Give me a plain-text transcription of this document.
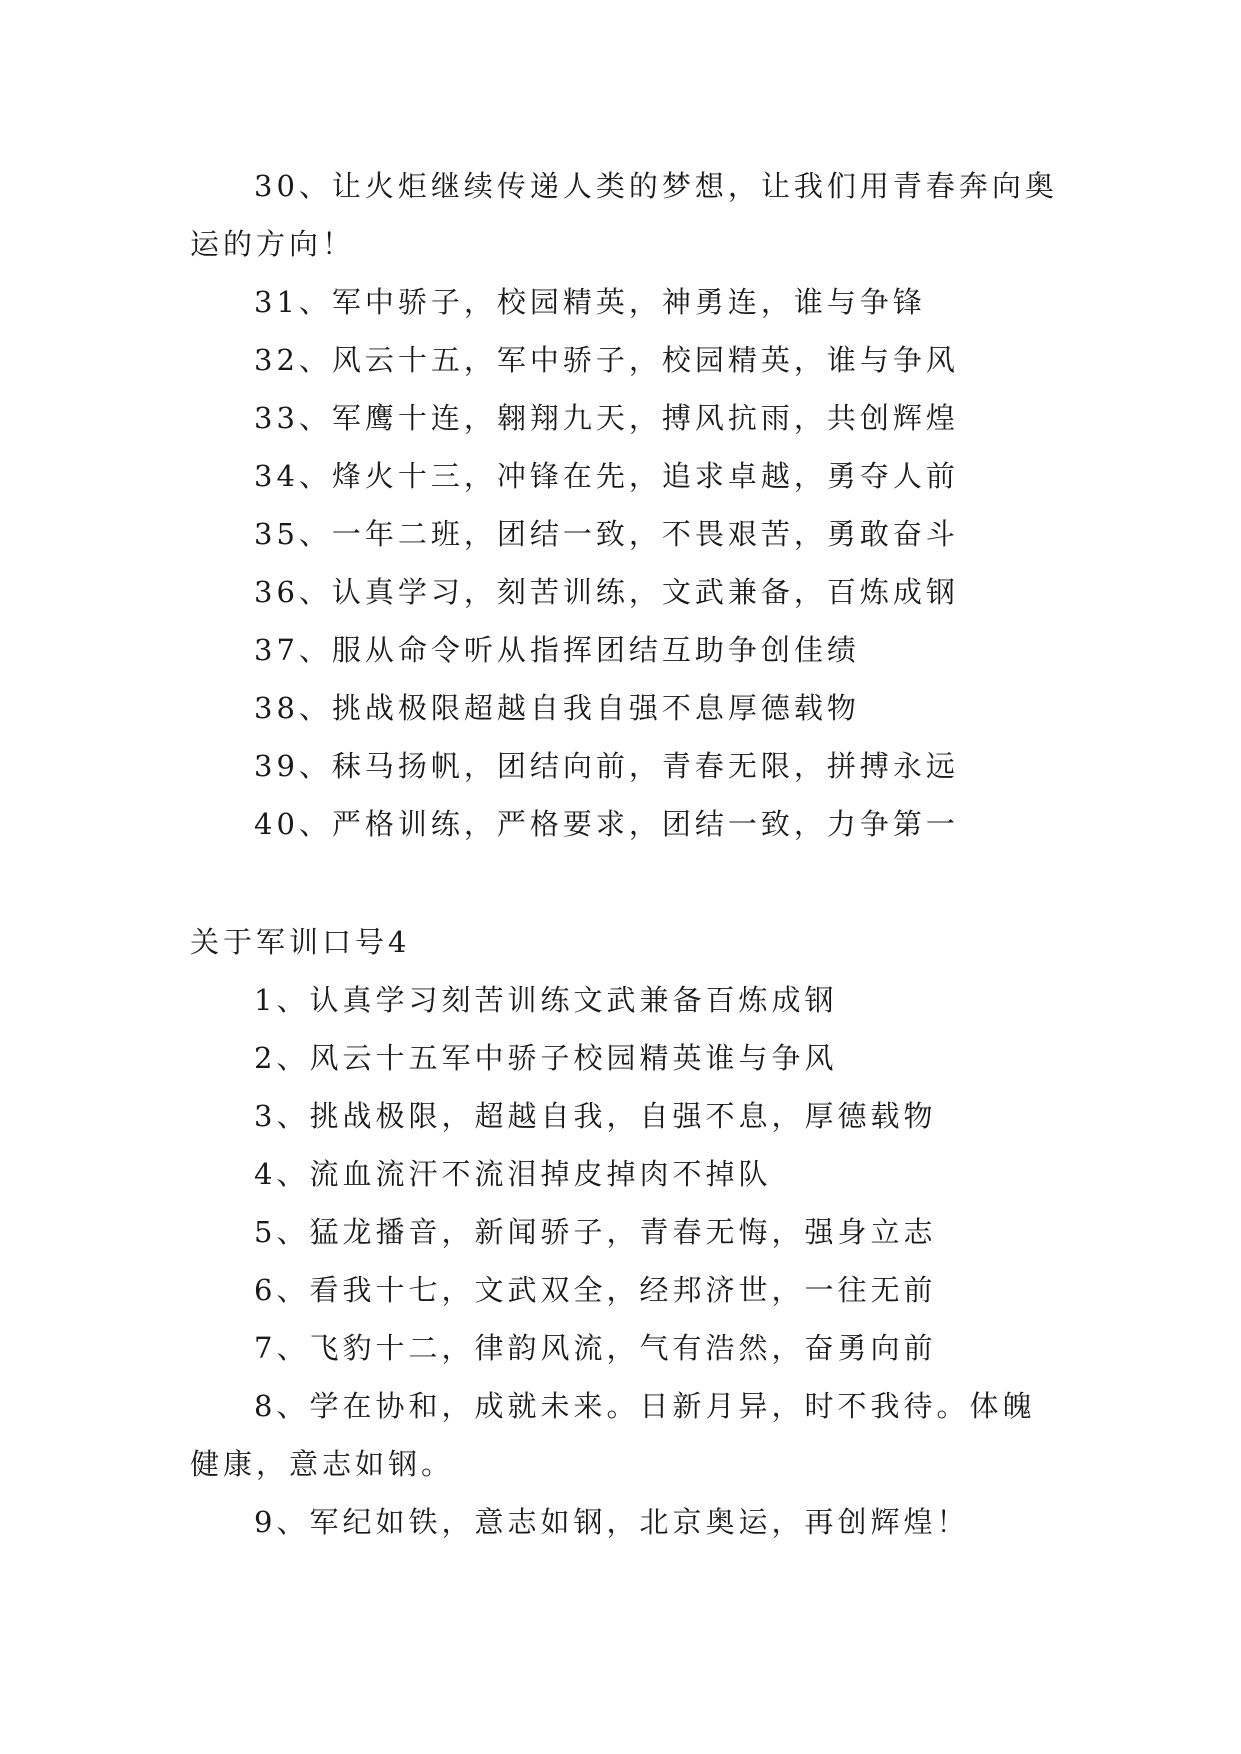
30、让火炬继续传递人类的梦想，让我们用青春奔向奥运的方向！

31、军中骄子，校园精英，神勇连，谁与争锋

32、风云十五，军中骄子，校园精英，谁与争风

33、军鹰十连，翱翔九天，搏风抗雨，共创辉煌

34、烽火十三，冲锋在先，追求卓越，勇夺人前

35、一年二班，团结一致，不畏艰苦，勇敢奋斗

36、认真学习，刻苦训练，文武兼备，百炼成钢

37、服从命令听从指挥团结互助争创佳绩

38、挑战极限超越自我自强不息厚德载物

39、秣马扬帆，团结向前，青春无限，拼搏永远

40、严格训练，严格要求，团结一致，力争第一

关于军训口号4

1、认真学习刻苦训练文武兼备百炼成钢

2、风云十五军中骄子校园精英谁与争风

3、挑战极限，超越自我，自强不息，厚德载物

4、流血流汗不流泪掉皮掉肉不掉队

5、猛龙播音，新闻骄子，青春无悔，强身立志

6、看我十七，文武双全，经邦济世，一往无前

7、飞豹十二，律韵风流，气有浩然，奋勇向前

8、学在协和，成就未来。日新月异，时不我待。体魄健康，意志如钢。

9、军纪如铁，意志如钢，北京奥运，再创辉煌！
